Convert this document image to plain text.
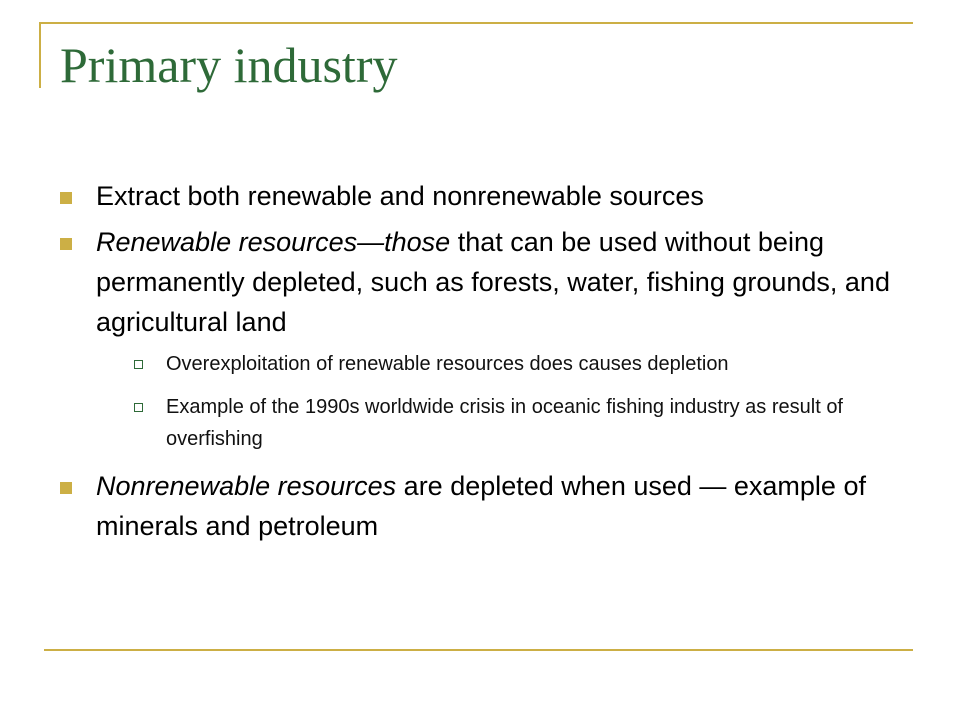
Primary industry
Extract both renewable and nonrenewable sources
Renewable resources—those that can be used without being permanently depleted, such as forests, water, fishing grounds, and agricultural land
Overexploitation of renewable resources does causes depletion
Example of the 1990s worldwide crisis in oceanic fishing industry as result of overfishing
Nonrenewable resources are depleted when used — example of minerals and petroleum
